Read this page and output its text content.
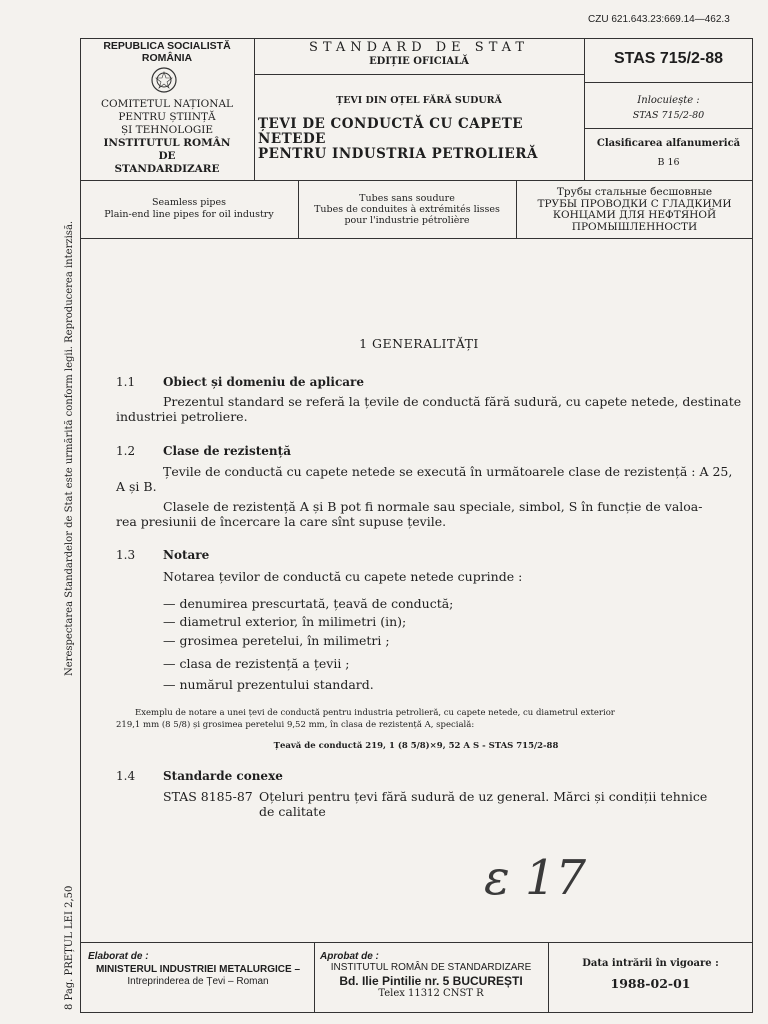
CZU 621.643.23:669.14—462.3
Nerespectarea Standardelor de Stat este urmărită conform legii. Reproducerea interzisă.
8 Pag. PREȚUL LEI 2,50
REPUBLICA SOCIALISTĂ
ROMÂNIA
COMITETUL NAȚIONAL
PENTRU ȘTIINȚĂ
ȘI TEHNOLOGIE
INSTITUTUL ROMÂN
DE
STANDARDIZARE
STANDARD DE STAT
EDIȚIE OFICIALĂ
ȚEVI DIN OȚEL FĂRĂ SUDURĂ
ȚEVI DE CONDUCTĂ CU CAPETE NETEDE
PENTRU INDUSTRIA PETROLIERĂ
STAS 715/2-88
Inlocuiește :
STAS 715/2-80
Clasificarea alfanumerică
B 16
Seamless pipes
Plain-end line pipes for oil industry
Tubes sans soudure
Tubes de conduites à extrémités lisses
pour l'industrie pétrolière
Трубы стальные бесшовные
ТРУБЫ ПРОВОДКИ С ГЛАДКИМИ
КОНЦАМИ ДЛЯ НЕФТЯНОЙ
ПРОМЫШЛЕННОСТИ
1 GENERALITĂȚI
1.1 Obiect și domeniu de aplicare
Prezentul standard se referă la țevile de conductă fără sudură, cu capete netede, destinate
industriei petroliere.
1.2 Clase de rezistență
Țevile de conductă cu capete netede se execută în următoarele clase de rezistență : A 25,
A și B.
Clasele de rezistență A și B pot fi normale sau speciale, simbol, S în funcție de valoa-
rea presiunii de încercare la care sînt supuse țevile.
1.3 Notare
Notarea țevilor de conductă cu capete netede cuprinde :
— denumirea prescurtată, țeavă de conductă;
— diametrul exterior, în milimetri (in);
— grosimea peretelui, în milimetri ;
— clasa de rezistență a țevii ;
— numărul prezentului standard.
Exemplu de notare a unei țevi de conductă pentru industria petrolieră, cu capete netede, cu diametrul exterior
219,1 mm (8 5/8) și grosimea peretelui 9,52 mm, în clasa de rezistență A, specială:
Țeavă de conductă 219, 1 (8 5/8)×9, 52 A S - STAS 715/2-88
1.4 Standarde conexe
STAS 8185-87 Oțeluri pentru țevi fără sudură de uz general. Mărci și condiții tehnice
de calitate
ε 17
Elaborat de :
MINISTERUL INDUSTRIEI METALURGICE –
Intreprinderea de Țevi – Roman
Aprobat de :
INSTITUTUL ROMÂN DE STANDARDIZARE
Bd. Ilie Pintilie nr. 5 BUCUREȘTI
Telex 11312 CNST R
Data intrării în vigoare :
1988-02-01
